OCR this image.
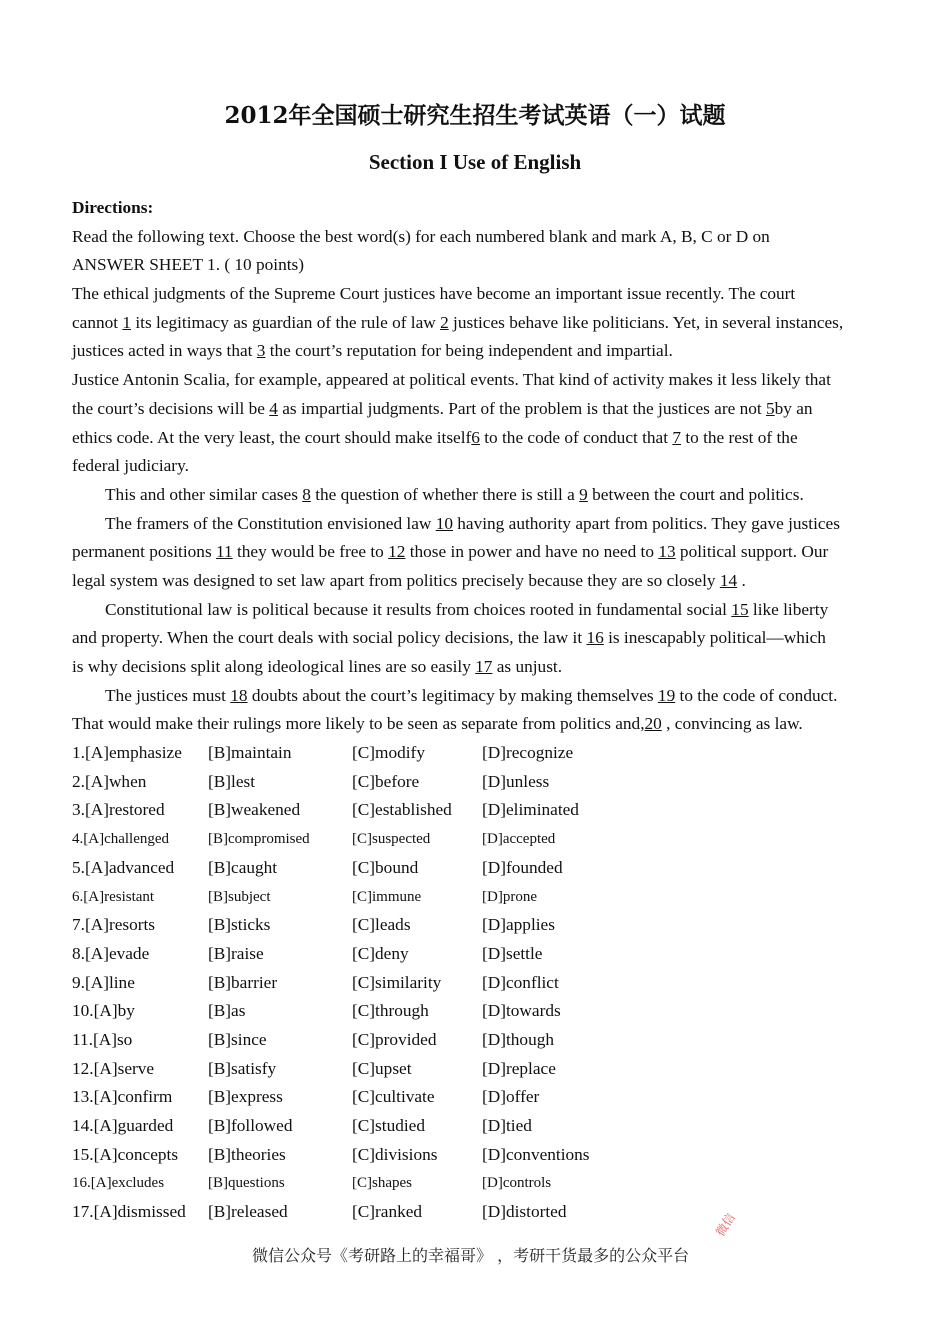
2012年全国硕士研究生招生考试英语（一）试题
Section I Use of English
Directions:
Read the following text. Choose the best word(s) for each numbered blank and mark A, B, C or D on
ANSWER SHEET 1. ( 10 points)
The ethical judgments of the Supreme Court justices have become an important issue recently. The court
cannot 1 its legitimacy as guardian of the rule of law 2 justices behave like politicians. Yet, in several instances,
justices acted in ways that 3 the court’s reputation for being independent and impartial.
Justice Antonin Scalia, for example, appeared at political events. That kind of activity makes it less likely that
the court’s decisions will be 4 as impartial judgments. Part of the problem is that the justices are not 5by an
ethics code. At the very least, the court should make itself6 to the code of conduct that 7 to the rest of the
federal judiciary.
This and other similar cases 8 the question of whether there is still a 9 between the court and politics.
The framers of the Constitution envisioned law 10 having authority apart from politics. They gave justices
permanent positions 11 they would be free to 12 those in power and have no need to 13 political support. Our
legal system was designed to set law apart from politics precisely because they are so closely 14 .
Constitutional law is political because it results from choices rooted in fundamental social 15 like liberty
and property. When the court deals with social policy decisions, the law it 16 is inescapably political—which
is why decisions split along ideological lines are so easily 17 as unjust.
The justices must 18 doubts about the court’s legitimacy by making themselves 19 to the code of conduct.
That would make their rulings more likely to be seen as separate from politics and,20 , convincing as law.
1.[A]emphasize [B]maintain	[C]modify	[D]recognize
2.[A]when	[B]lest	[C]before	[D]unless
3.[A]restored	[B]weakened	[C]established [D]eliminated
4.[A]challenged	[B]compromised	[C]suspected	[D]accepted
5.[A]advanced [B]caught	[C]bound	[D]founded
6.[A]resistant	[B]subject	[C]immune	[D]prone
7.[A]resorts	[B]sticks	[C]leads	[D]applies
8.[A]evade	[B]raise	[C]deny	[D]settle
9.[A]line	[B]barrier	[C]similarity [D]conflict
10.[A]by	[B]as	[C]through	[D]towards
11.[A]so	[B]since	[C]provided	[D]though
12.[A]serve	[B]satisfy	[C]upset	[D]replace
13.[A]confirm [B]express	[C]cultivate	[D]offer
14.[A]guarded [B]followed	[C]studied	[D]tied
15.[A]concepts [B]theories	[C]divisions	[D]conventions
16.[A]excludes	[B]questions	[C]shapes	[D]controls
17.[A]dismissed [B]released	[C]ranked	[D]distorted
微信公众号《考研路上的幸福哥》 ，考研干货最多的公众平台
微信
